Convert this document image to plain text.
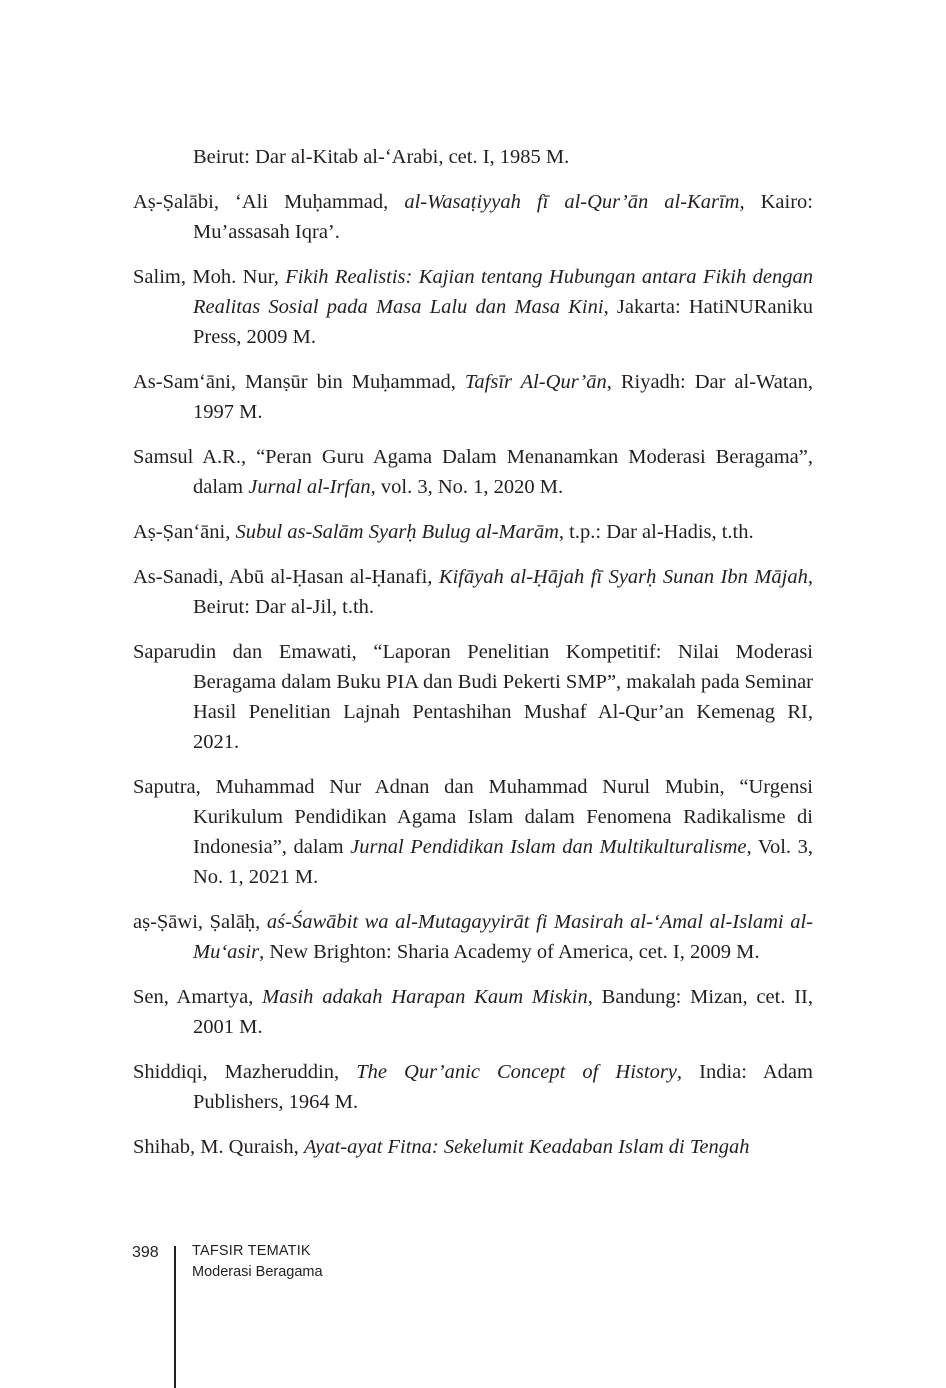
Beirut: Dar al-Kitab al-‘Arabi, cet. I, 1985 M.

Aṣ-Ṣalābi, ‘Ali Muḥammad, al-Wasaṭiyyah fī al-Qur’ān al-Karīm, Kairo: Mu’assasah Iqra’.

Salim, Moh. Nur, Fikih Realistis: Kajian tentang Hubungan antara Fikih dengan Realitas Sosial pada Masa Lalu dan Masa Kini, Jakarta: HatiNURaniku Press, 2009 M.

As-Sam‘āni, Manṣūr bin Muḥammad, Tafsīr Al-Qur’ān, Riyadh: Dar al-Watan, 1997 M.

Samsul A.R., “Peran Guru Agama Dalam Menanamkan Moderasi Beragama”, dalam Jurnal al-Irfan, vol. 3, No. 1, 2020 M.

Aṣ-Ṣan‘āni, Subul as-Salām Syarḥ Bulug al-Marām, t.p.: Dar al-Hadis, t.th.

As-Sanadi, Abū al-Ḥasan al-Ḥanafi, Kifāyah al-Ḥājah fī Syarḥ Sunan Ibn Mājah, Beirut: Dar al-Jil, t.th.

Saparudin dan Emawati, “Laporan Penelitian Kompetitif: Nilai Moderasi Beragama dalam Buku PIA dan Budi Pekerti SMP”, makalah pada Seminar Hasil Penelitian Lajnah Pentashihan Mushaf Al-Qur’an Kemenag RI, 2021.

Saputra, Muhammad Nur Adnan dan Muhammad Nurul Mubin, “Urgensi Kurikulum Pendidikan Agama Islam dalam Fenomena Radikalisme di Indonesia”, dalam Jurnal Pendidikan Islam dan Multikulturalisme, Vol. 3, No. 1, 2021 M.

aṣ-Ṣāwi, Ṣalāḥ, aś-Śawābit wa al-Mutagayyirāt fi Masirah al-‘Amal al-Islami al-Mu‘asir, New Brighton: Sharia Academy of America, cet. I, 2009 M.

Sen, Amartya, Masih adakah Harapan Kaum Miskin, Bandung: Mizan, cet. II, 2001 M.

Shiddiqi, Mazheruddin, The Qur’anic Concept of History, India: Adam Publishers, 1964 M.

Shihab, M. Quraish, Ayat-ayat Fitna: Sekelumit Keadaban Islam di Tengah

398 TAFSIR TEMATIK
Moderasi Beragama
